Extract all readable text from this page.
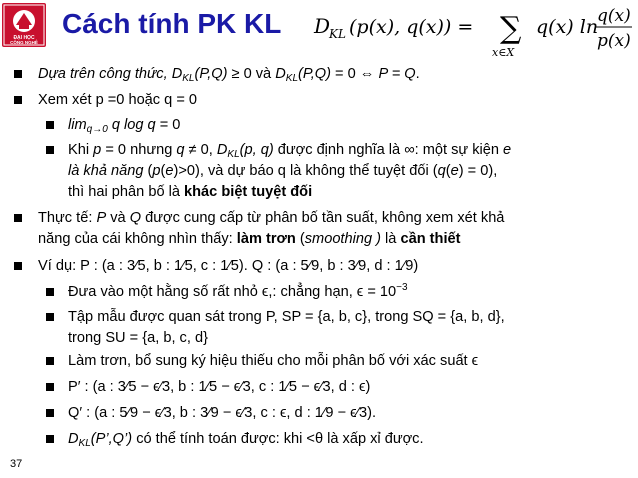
ĐẠI HỌC
CÔNG NGHỆ
Cách tính PK KL D
KL (p(x), q(x)) = ∑
x∈X
q(x) ln
q(x)
p(x)
Dựa trên công thức, $D_{KL}(P,Q) \ge 0$ và $D_{KL}(P,Q) = 0$ ⇔ P = Q.
Xem xét p =0 hoặc q = 0
$\lim_{q\to 0} q$ log q = 0
Khi p = 0 nhưng q ≠ 0, $D_{KL}(p$, q) được định nghĩa là ∞: một sự kiện e
là khả năng (p(e)>0), và dự báo q là không thể tuyệt đối (q(e) = 0),
thì hai phân bố là khác biệt tuyệt đối
Thực tế: P và Q được cung cấp từ phân bố tần suất, không xem xét khả
năng của cái không nhìn thấy: làm trơn (smoothing ) là cần thiết
Ví dụ: P : (a : 3⁄5, b : 1⁄5, c : 1⁄5). Q : (a : 5⁄9, b : 3⁄9, d : 1⁄9)
Đưa vào một hằng số rất nhỏ ϵ,: chẳng hạn, $\epsilon = 10^{-3}$
Tập mẫu được quan sát trong P, SP = {a, b, c}, trong SQ = {a, b, d},
trong SU = {a, b, c, d}
Làm trơn, bổ sung ký hiệu thiếu cho mỗi phân bố với xác suất ϵ
P′ : (a : 3⁄5 − ϵ⁄3, b : 1⁄5 − ϵ⁄3, c : 1⁄5 − ϵ⁄3, d : ϵ)
Q′ : (a : 5⁄9 − ϵ⁄3, b : 3⁄9 − ϵ⁄3, c : ϵ, d : 1⁄9 − ϵ⁄3).
$D_{KL}(P’,Q’)$ có thể tính toán được: khi <θ là xấp xỉ được.
37
